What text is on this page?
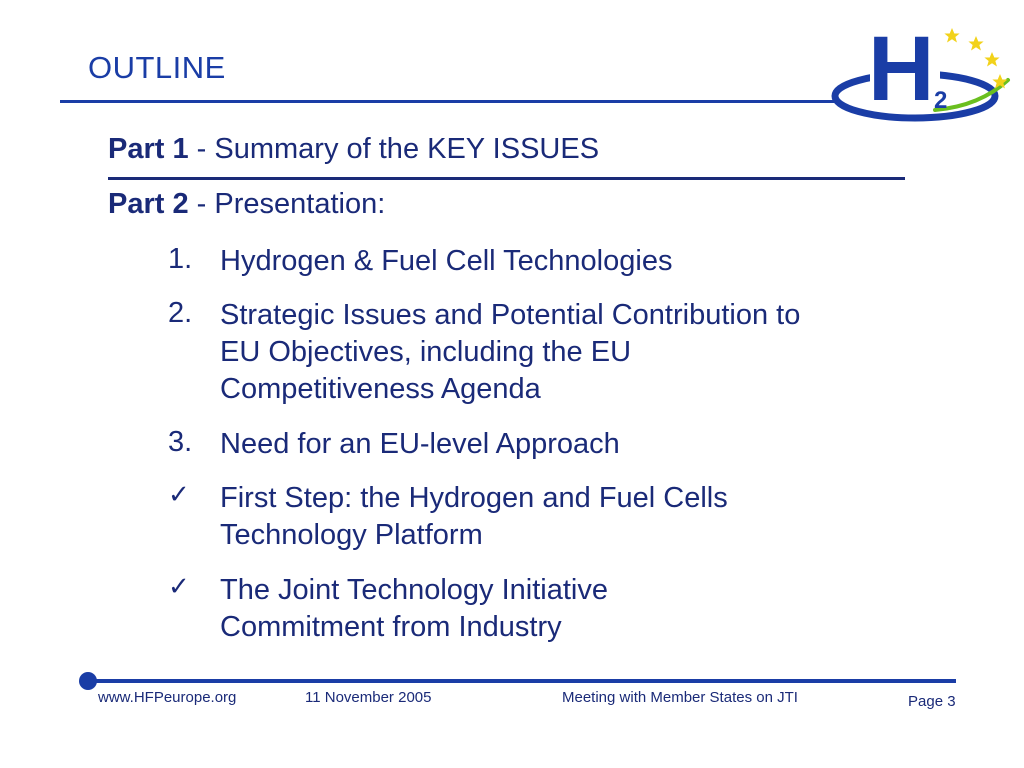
OUTLINE	H 2
Part 1 - Summary of the KEY ISSUES
Part 2 - Presentation:
1. Hydrogen & Fuel Cell Technologies
2. Strategic Issues and Potential Contribution to
EU Objectives, including the EU
Competitiveness Agenda
3. Need for an EU-level Approach
✓	First Step: the Hydrogen and Fuel Cells
Technology Platform
✓	The Joint Technology Initiative
Commitment from Industry
www.HFPeurope.org	11 November 2005	Meeting with Member States on JTI	Page 3
